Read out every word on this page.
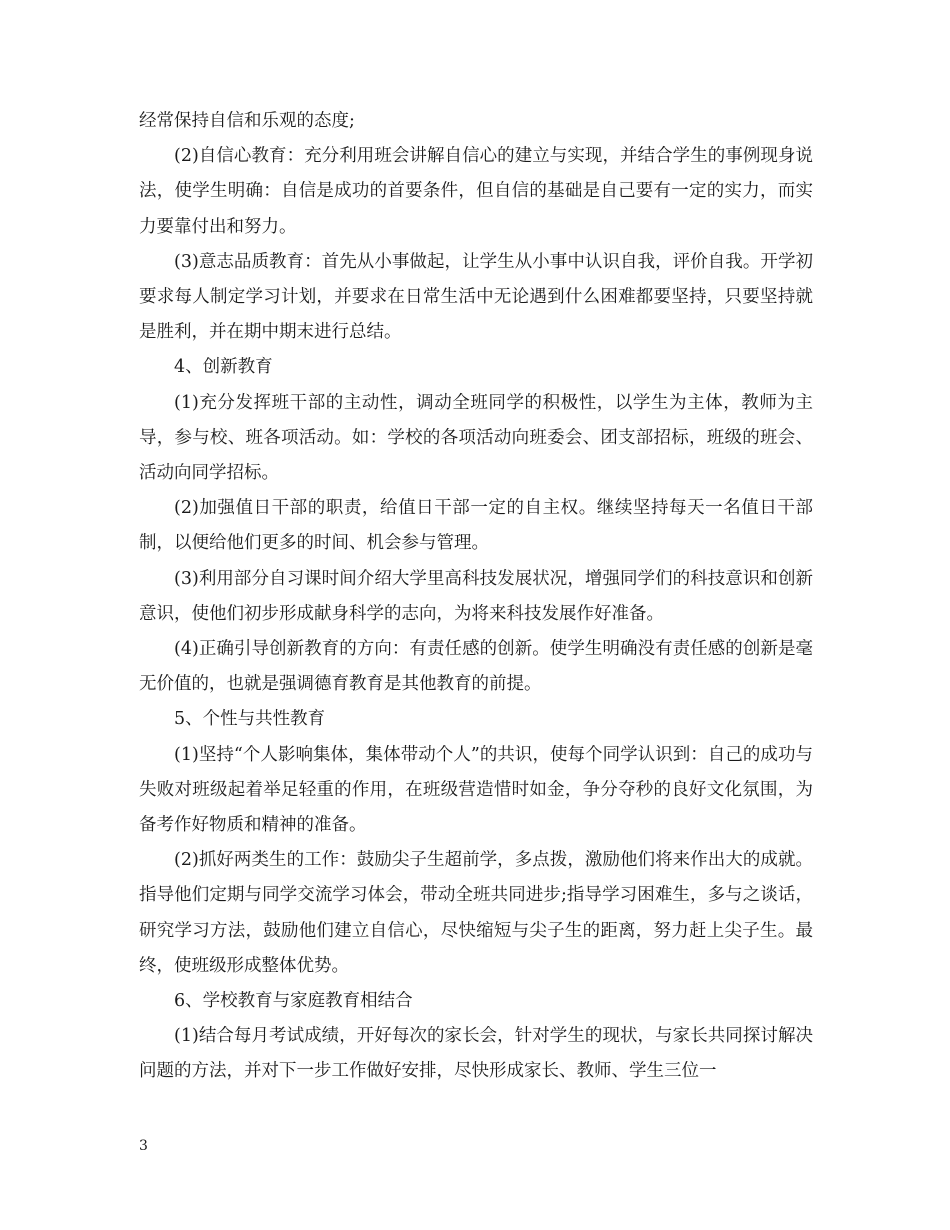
经常保持自信和乐观的态度;

(2)自信心教育：充分利用班会讲解自信心的建立与实现，并结合学生的事例现身说法，使学生明确：自信是成功的首要条件，但自信的基础是自己要有一定的实力，而实力要靠付出和努力。

(3)意志品质教育：首先从小事做起，让学生从小事中认识自我，评价自我。开学初要求每人制定学习计划，并要求在日常生活中无论遇到什么困难都要坚持，只要坚持就是胜利，并在期中期末进行总结。

4、创新教育

(1)充分发挥班干部的主动性，调动全班同学的积极性，以学生为主体，教师为主导，参与校、班各项活动。如：学校的各项活动向班委会、团支部招标，班级的班会、活动向同学招标。

(2)加强值日干部的职责，给值日干部一定的自主权。继续坚持每天一名值日干部制，以便给他们更多的时间、机会参与管理。

(3)利用部分自习课时间介绍大学里高科技发展状况，增强同学们的科技意识和创新意识，使他们初步形成献身科学的志向，为将来科技发展作好准备。

(4)正确引导创新教育的方向：有责任感的创新。使学生明确没有责任感的创新是毫无价值的，也就是强调德育教育是其他教育的前提。

5、个性与共性教育

(1)坚持“个人影响集体，集体带动个人”的共识，使每个同学认识到：自己的成功与失败对班级起着举足轻重的作用，在班级营造惜时如金，争分夺秒的良好文化氛围，为备考作好物质和精神的准备。

(2)抓好两类生的工作：鼓励尖子生超前学，多点拨，激励他们将来作出大的成就。指导他们定期与同学交流学习体会，带动全班共同进步;指导学习困难生，多与之谈话，研究学习方法，鼓励他们建立自信心，尽快缩短与尖子生的距离，努力赶上尖子生。最终，使班级形成整体优势。

6、学校教育与家庭教育相结合

(1)结合每月考试成绩，开好每次的家长会，针对学生的现状，与家长共同探讨解决问题的方法，并对下一步工作做好安排，尽快形成家长、教师、学生三位一

3
